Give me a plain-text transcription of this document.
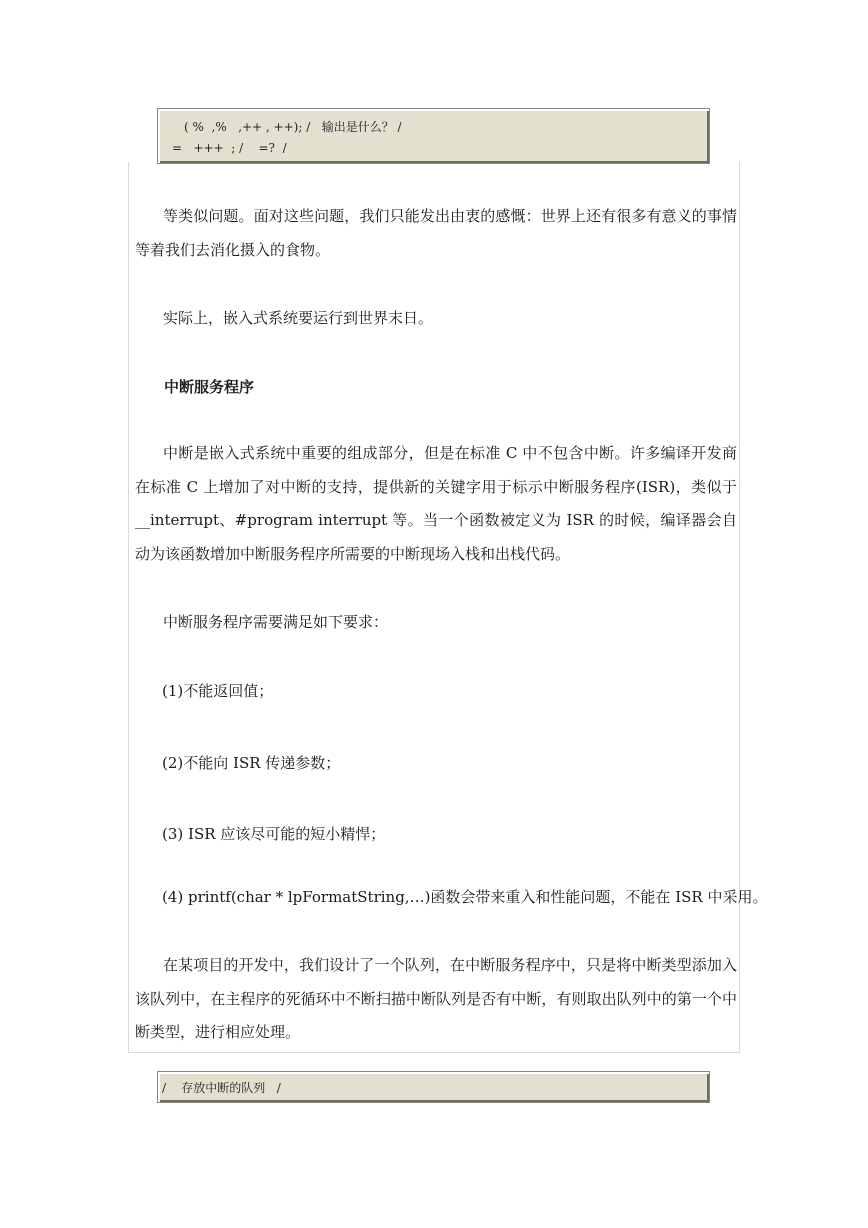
( %  ,%   ,++ , ++); /   输出是什么？ /
=   +++  ; /    =?  /
等类似问题。面对这些问题，我们只能发出由衷的感慨：世界上还有很多有意义的事情等着我们去消化摄入的食物。
实际上，嵌入式系统要运行到世界末日。
中断服务程序
中断是嵌入式系统中重要的组成部分，但是在标准 C 中不包含中断。许多编译开发商在标准 C 上增加了对中断的支持，提供新的关键字用于标示中断服务程序(ISR)，类似于__interrupt、#program interrupt 等。当一个函数被定义为 ISR 的时候，编译器会自动为该函数增加中断服务程序所需要的中断现场入栈和出栈代码。
中断服务程序需要满足如下要求：
(1)不能返回值；
(2)不能向 ISR 传递参数；
(3) ISR 应该尽可能的短小精悍；
(4) printf(char * lpFormatString,…)函数会带来重入和性能问题，不能在 ISR 中采用。
在某项目的开发中，我们设计了一个队列，在中断服务程序中，只是将中断类型添加入该队列中，在主程序的死循环中不断扫描中断队列是否有中断，有则取出队列中的第一个中断类型，进行相应处理。
/    存放中断的队列   /
